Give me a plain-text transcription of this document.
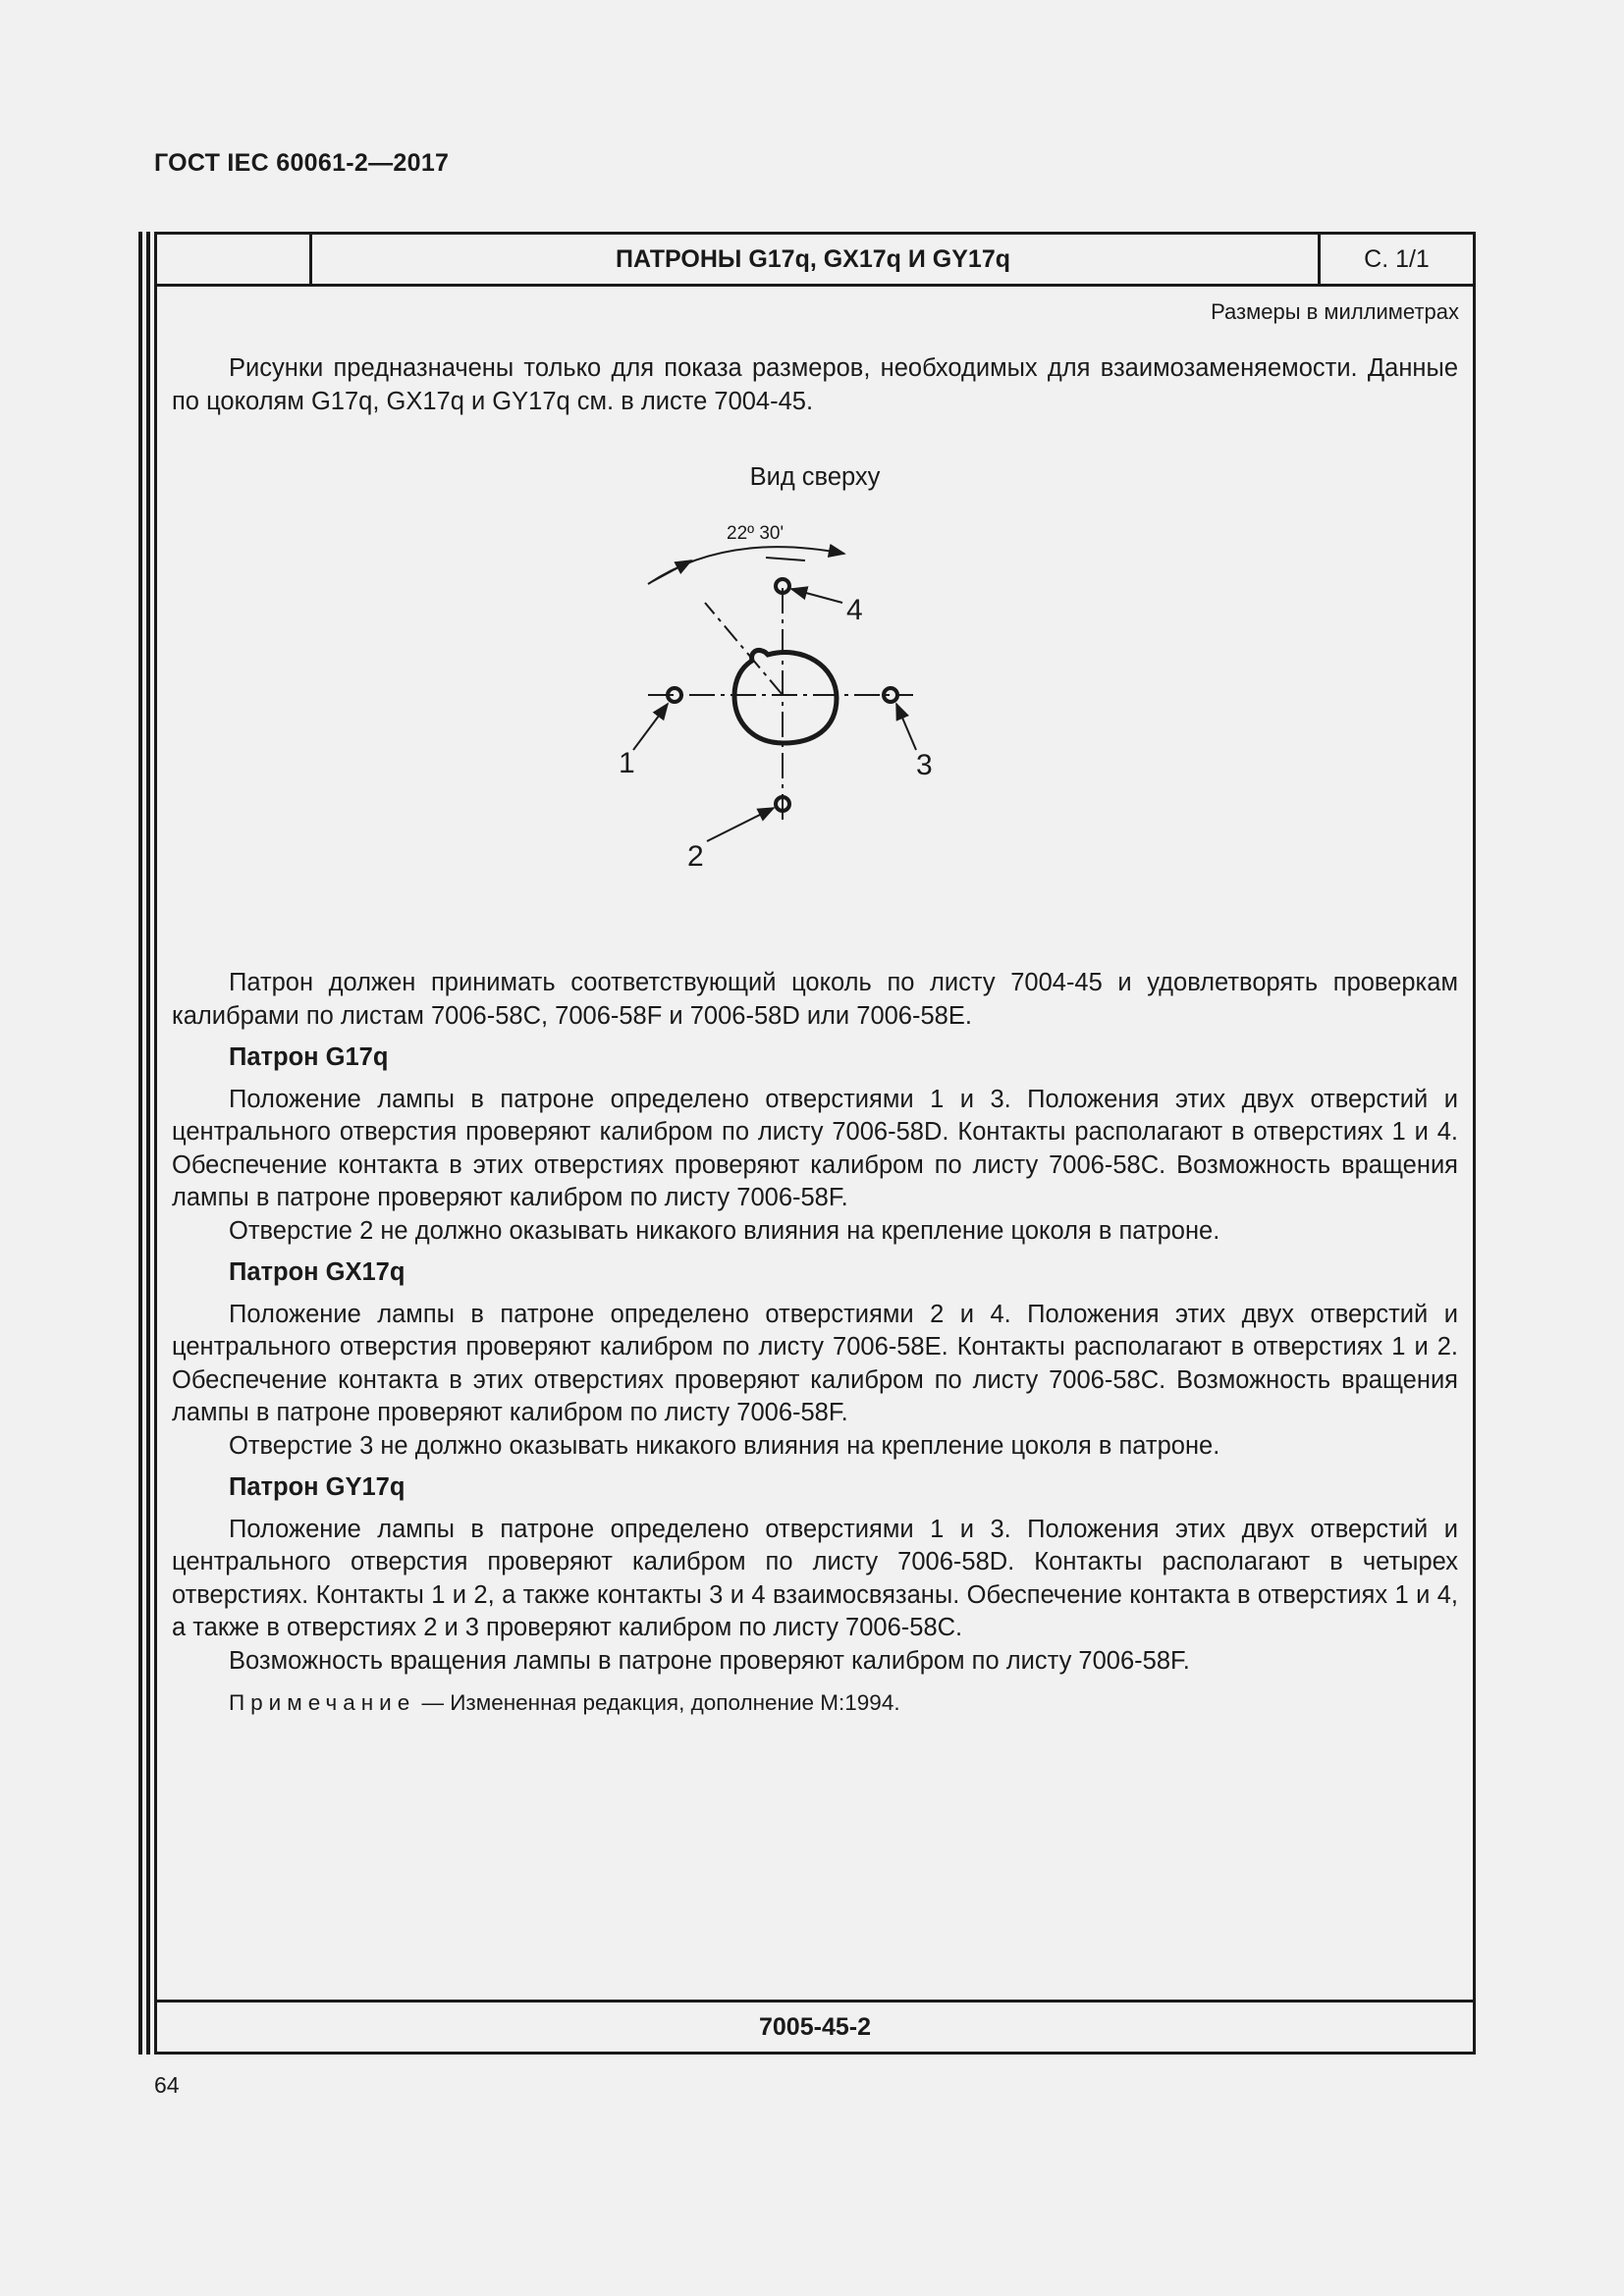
ГОСТ IEC 60061-2—2017
ПАТРОНЫ G17q, GX17q И GY17q	С. 1/1
Размеры в миллиметрах

Рисунки предназначены только для показа размеров, необходимых для взаимозаменяемости. Данные по цоколям G17q, GX17q и GY17q см. в листе 7004-45.

Вид сверху
22º 30'
1
2
3
4

Патрон должен принимать соответствующий цоколь по листу 7004-45 и удовлетворять проверкам калибрами по листам 7006-58C, 7006-58F и 7006-58D или 7006-58E.

Патрон G17q

Положение лампы в патроне определено отверстиями 1 и 3. Положения этих двух отверстий и центрального отверстия проверяют калибром по листу 7006-58D. Контакты располагают в отверстиях 1 и 4. Обеспечение контакта в этих отверстиях проверяют калибром по листу 7006-58C. Возможность вращения лампы в патроне проверяют калибром по листу 7006-58F.

Отверстие 2 не должно оказывать никакого влияния на крепление цоколя в патроне.

Патрон GX17q

Положение лампы в патроне определено отверстиями 2 и 4. Положения этих двух отверстий и центрального отверстия проверяют калибром по листу 7006-58E. Контакты располагают в отверстиях 1 и 2. Обеспечение контакта в этих отверстиях проверяют калибром по листу 7006-58C. Возможность вращения лампы в патроне проверяют калибром по листу 7006-58F.

Отверстие 3 не должно оказывать никакого влияния на крепление цоколя в патроне.

Патрон GY17q

Положение лампы в патроне определено отверстиями 1 и 3. Положения этих двух отверстий и центрального отверстия проверяют калибром по листу 7006-58D. Контакты располагают в четырех отверстиях. Контакты 1 и 2, а также контакты 3 и 4 взаимосвязаны. Обеспечение контакта в отверстиях 1 и 4, а также в отверстиях 2 и 3 проверяют калибром по листу 7006-58C.

Возможность вращения лампы в патроне проверяют калибром по листу 7006-58F.

Примечание — Измененная редакция, дополнение М:1994.

7005-45-2
64
